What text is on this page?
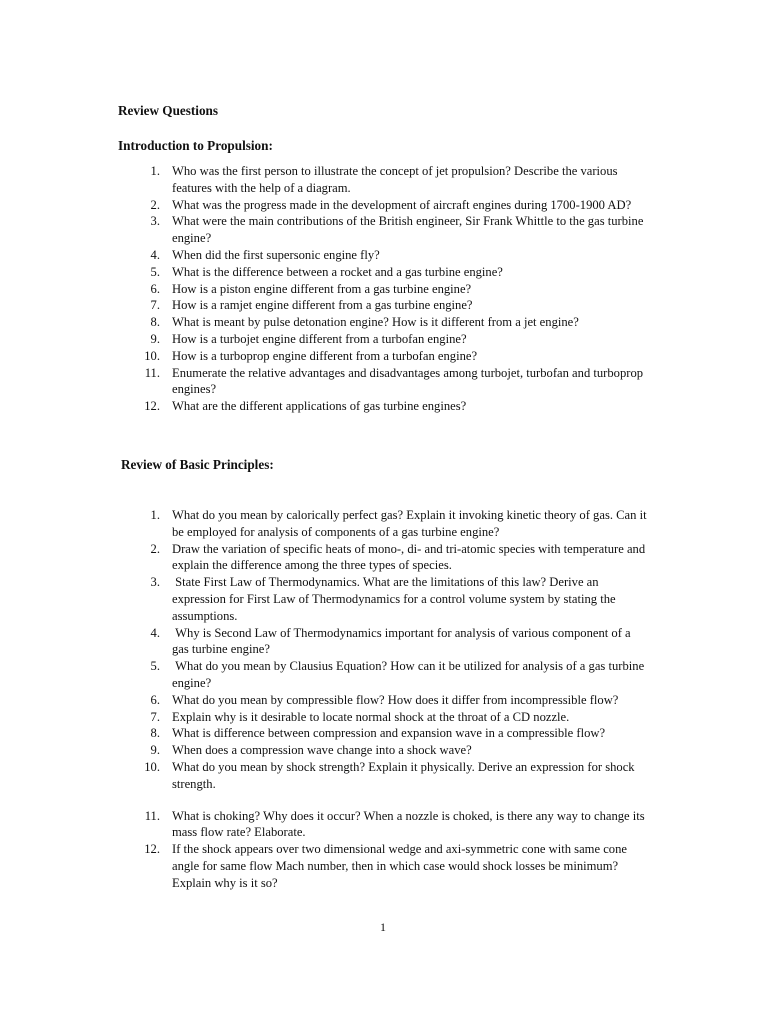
Review Questions
Introduction to Propulsion:
1. Who was the first person to illustrate the concept of jet propulsion? Describe the various features with the help of a diagram.
2. What was the progress made in the development of aircraft engines during 1700-1900 AD?
3. What were the main contributions of the British engineer, Sir Frank Whittle to the gas turbine engine?
4. When did the first supersonic engine fly?
5. What is the difference between a rocket and a gas turbine engine?
6. How is a piston engine different from a gas turbine engine?
7. How is a ramjet engine different from a gas turbine engine?
8. What is meant by pulse detonation engine? How is it different from a jet engine?
9. How is a turbojet engine different from a turbofan engine?
10. How is a turboprop engine different from a turbofan engine?
11. Enumerate the relative advantages and disadvantages among turbojet, turbofan and turboprop engines?
12. What are the different applications of gas turbine engines?
Review of Basic Principles:
1. What do you mean by calorically perfect gas? Explain it invoking kinetic theory of gas. Can it be employed for analysis of components of a gas turbine engine?
2. Draw the variation of specific heats of mono-, di- and tri-atomic species with temperature and explain the difference among the three types of species.
3. State First Law of Thermodynamics. What are the limitations of this law? Derive an expression for First Law of Thermodynamics for a control volume system by stating the assumptions.
4. Why is Second Law of Thermodynamics important for analysis of various component of a gas turbine engine?
5. What do you mean by Clausius Equation? How can it be utilized for analysis of a gas turbine engine?
6. What do you mean by compressible flow? How does it differ from incompressible flow?
7. Explain why is it desirable to locate normal shock at the throat of a CD nozzle.
8. What is difference between compression and expansion wave in a compressible flow?
9. When does a compression wave change into a shock wave?
10. What do you mean by shock strength? Explain it physically. Derive an expression for shock strength.
11. What is choking? Why does it occur? When a nozzle is choked, is there any way to change its mass flow rate? Elaborate.
12. If the shock appears over two dimensional wedge and axi-symmetric cone with same cone angle for same flow Mach number, then in which case would shock losses be minimum? Explain why is it so?
1
